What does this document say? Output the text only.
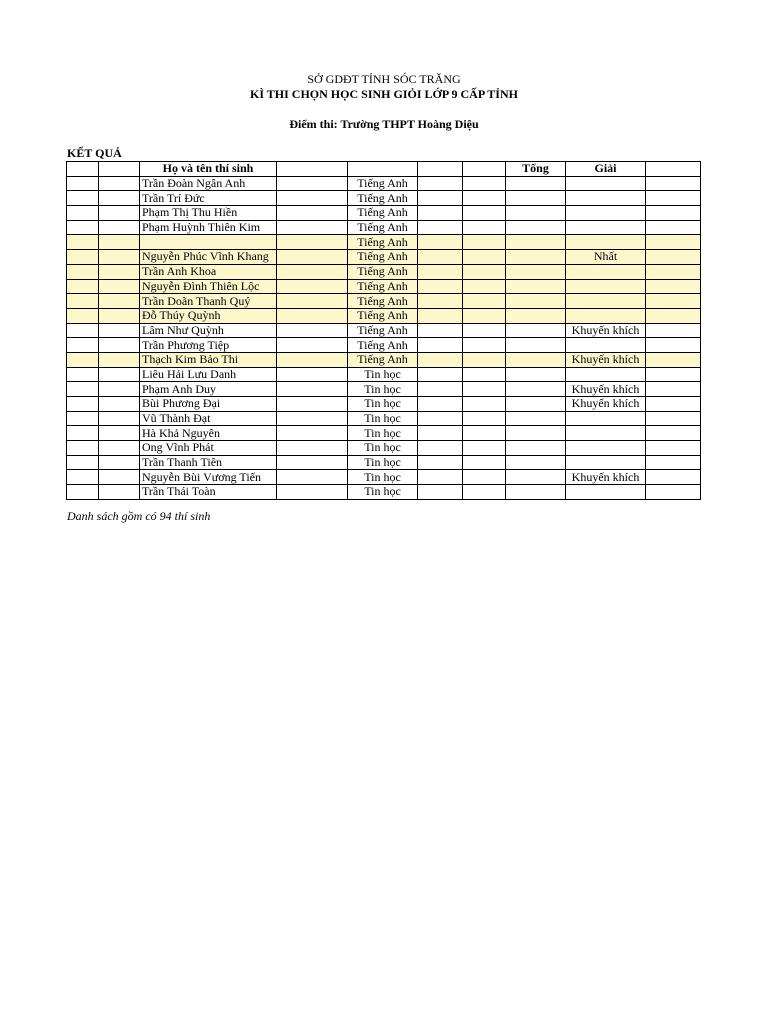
SỞ GDĐT TỈNH SÓC TRĂNG
KÌ THI CHỌN HỌC SINH GIỎI LỚP 9 CẤP TỈNH
Điểm thi: Trường THPT Hoàng Diệu
KẾT QUẢ
		Họ và tên thí sinh					Tổng	Giải	
		Trần Đoàn Ngân Anh		Tiếng Anh					
		Trần Trí Đức		Tiếng Anh					
		Phạm Thị Thu Hiền		Tiếng Anh					
		Phạm Huỳnh Thiên Kim		Tiếng Anh					
				Tiếng Anh					
		Nguyễn Phúc Vĩnh Khang		Tiếng Anh				Nhất	
		Trần Anh Khoa		Tiếng Anh					
		Nguyễn Đình Thiên Lộc		Tiếng Anh					
		Trần Doãn Thanh Quý		Tiếng Anh					
		Đỗ Thúy Quỳnh		Tiếng Anh					
		Lâm Như Quỳnh		Tiếng Anh				Khuyến khích	
		Trần Phương Tiệp		Tiếng Anh					
		Thạch Kim Bảo Thi		Tiếng Anh				Khuyến khích	
		Liêu Hải Lưu Danh		Tin học					
		Phạm Anh Duy		Tin học				Khuyến khích	
		Bùi Phương Đại		Tin học				Khuyến khích	
		Vũ Thành Đạt		Tin học					
		Hà Khả Nguyên		Tin học					
		Ong Vĩnh Phát		Tin học					
		Trần Thanh Tiên		Tin học					
		Nguyễn Bùi Vương Tiến		Tin học				Khuyến khích	
		Trần Thái Toàn		Tin học					
Danh sách gồm có 94 thí sinh
